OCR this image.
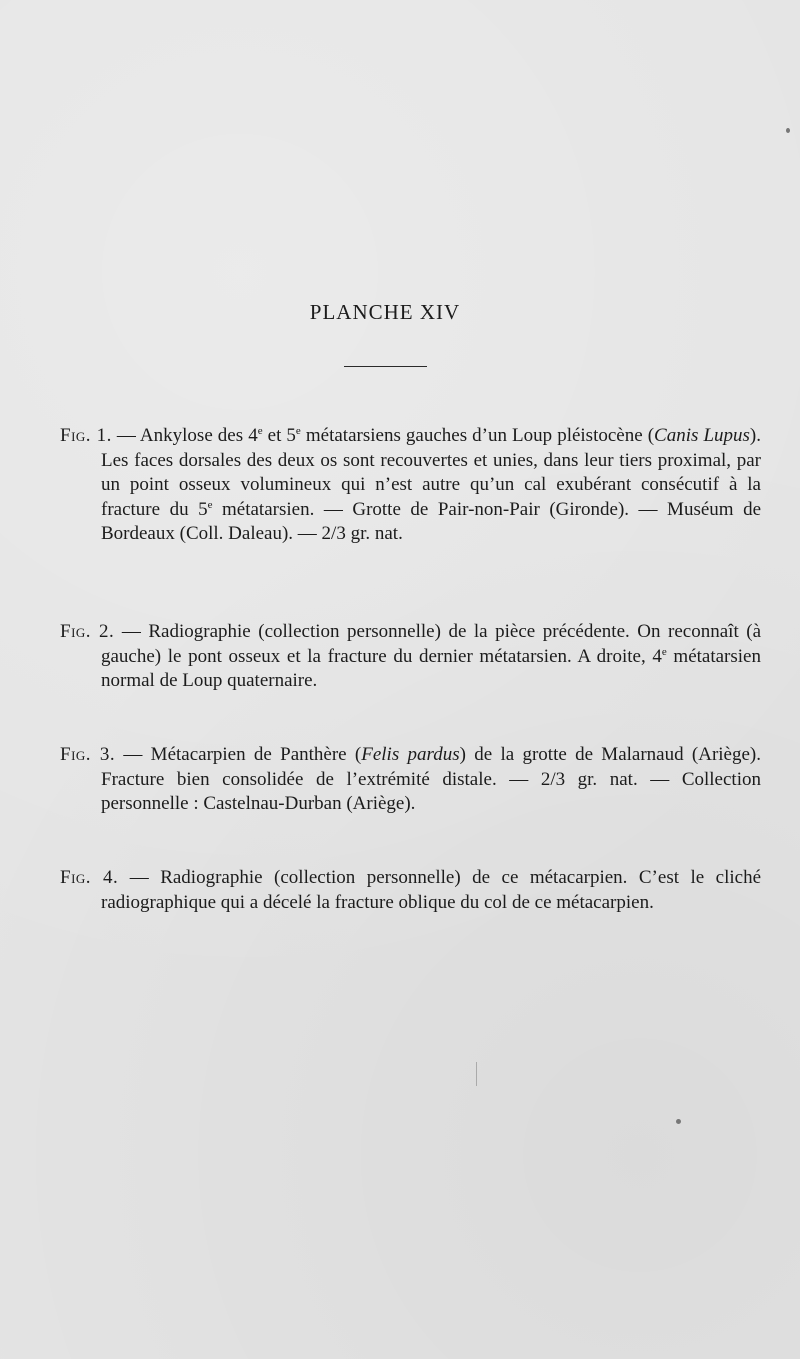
PLANCHE XIV

Fig. 1. — Ankylose des 4e et 5e métatarsiens gauches d’un Loup pléistocène (Canis Lupus). Les faces dorsales des deux os sont recouvertes et unies, dans leur tiers proximal, par un point osseux volumineux qui n’est autre qu’un cal exubérant consécutif à la fracture du 5e métatarsien. — Grotte de Pair-non-Pair (Gironde). — Muséum de Bordeaux (Coll. Daleau). — 2/3 gr. nat.

Fig. 2. — Radiographie (collection personnelle) de la pièce précédente. On reconnaît (à gauche) le pont osseux et la fracture du dernier métatarsien. A droite, 4e métatarsien normal de Loup quaternaire.

Fig. 3. — Métacarpien de Panthère (Felis pardus) de la grotte de Malarnaud (Ariège). Fracture bien consolidée de l’extrémité distale. — 2/3 gr. nat. — Collection personnelle : Castelnau-Durban (Ariège).

Fig. 4. — Radiographie (collection personnelle) de ce métacarpien. C’est le cliché radiographique qui a décelé la fracture oblique du col de ce métacarpien.
